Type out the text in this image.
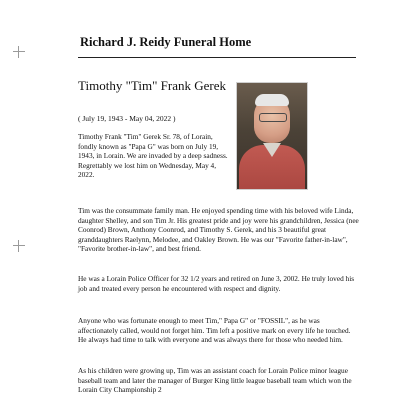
Richard J. Reidy Funeral Home
Timothy "Tim" Frank Gerek
( July 19, 1943 - May 04, 2022 )

Timothy Frank "Tim" Gerek Sr. 78, of Lorain, fondly known as "Papa G" was born on July 19, 1943, in Lorain. We are invaded by a deep sadness. Regrettably we lost him on Wednesday, May 4, 2022.

Tim was the consummate family man. He enjoyed spending time with his beloved wife Linda, daughter Shelley, and son Tim Jr. His greatest pride and joy were his grandchildren, Jessica (nee Coonrod) Brown, Anthony Coonrod, and Timothy S. Gerek, and his 3 beautiful great granddaughters Raelynn, Melodee, and Oakley Brown. He was our "Favorite father-in-law", "Favorite brother-in-law", and best friend.

He was a Lorain Police Officer for 32 1/2 years and retired on June 3, 2002. He truly loved his job and treated every person he encountered with respect and dignity.

Anyone who was fortunate enough to meet Tim," Papa G" or "FOSSIL", as he was affectionately called, would not forget him. Tim left a positive mark on every life he touched. He always had time to talk with everyone and was always there for those who needed him.

As his children were growing up, Tim was an assistant coach for Lorain Police minor league baseball team and later the manager of Burger King little league baseball team which won the Lorain City Championship 2
